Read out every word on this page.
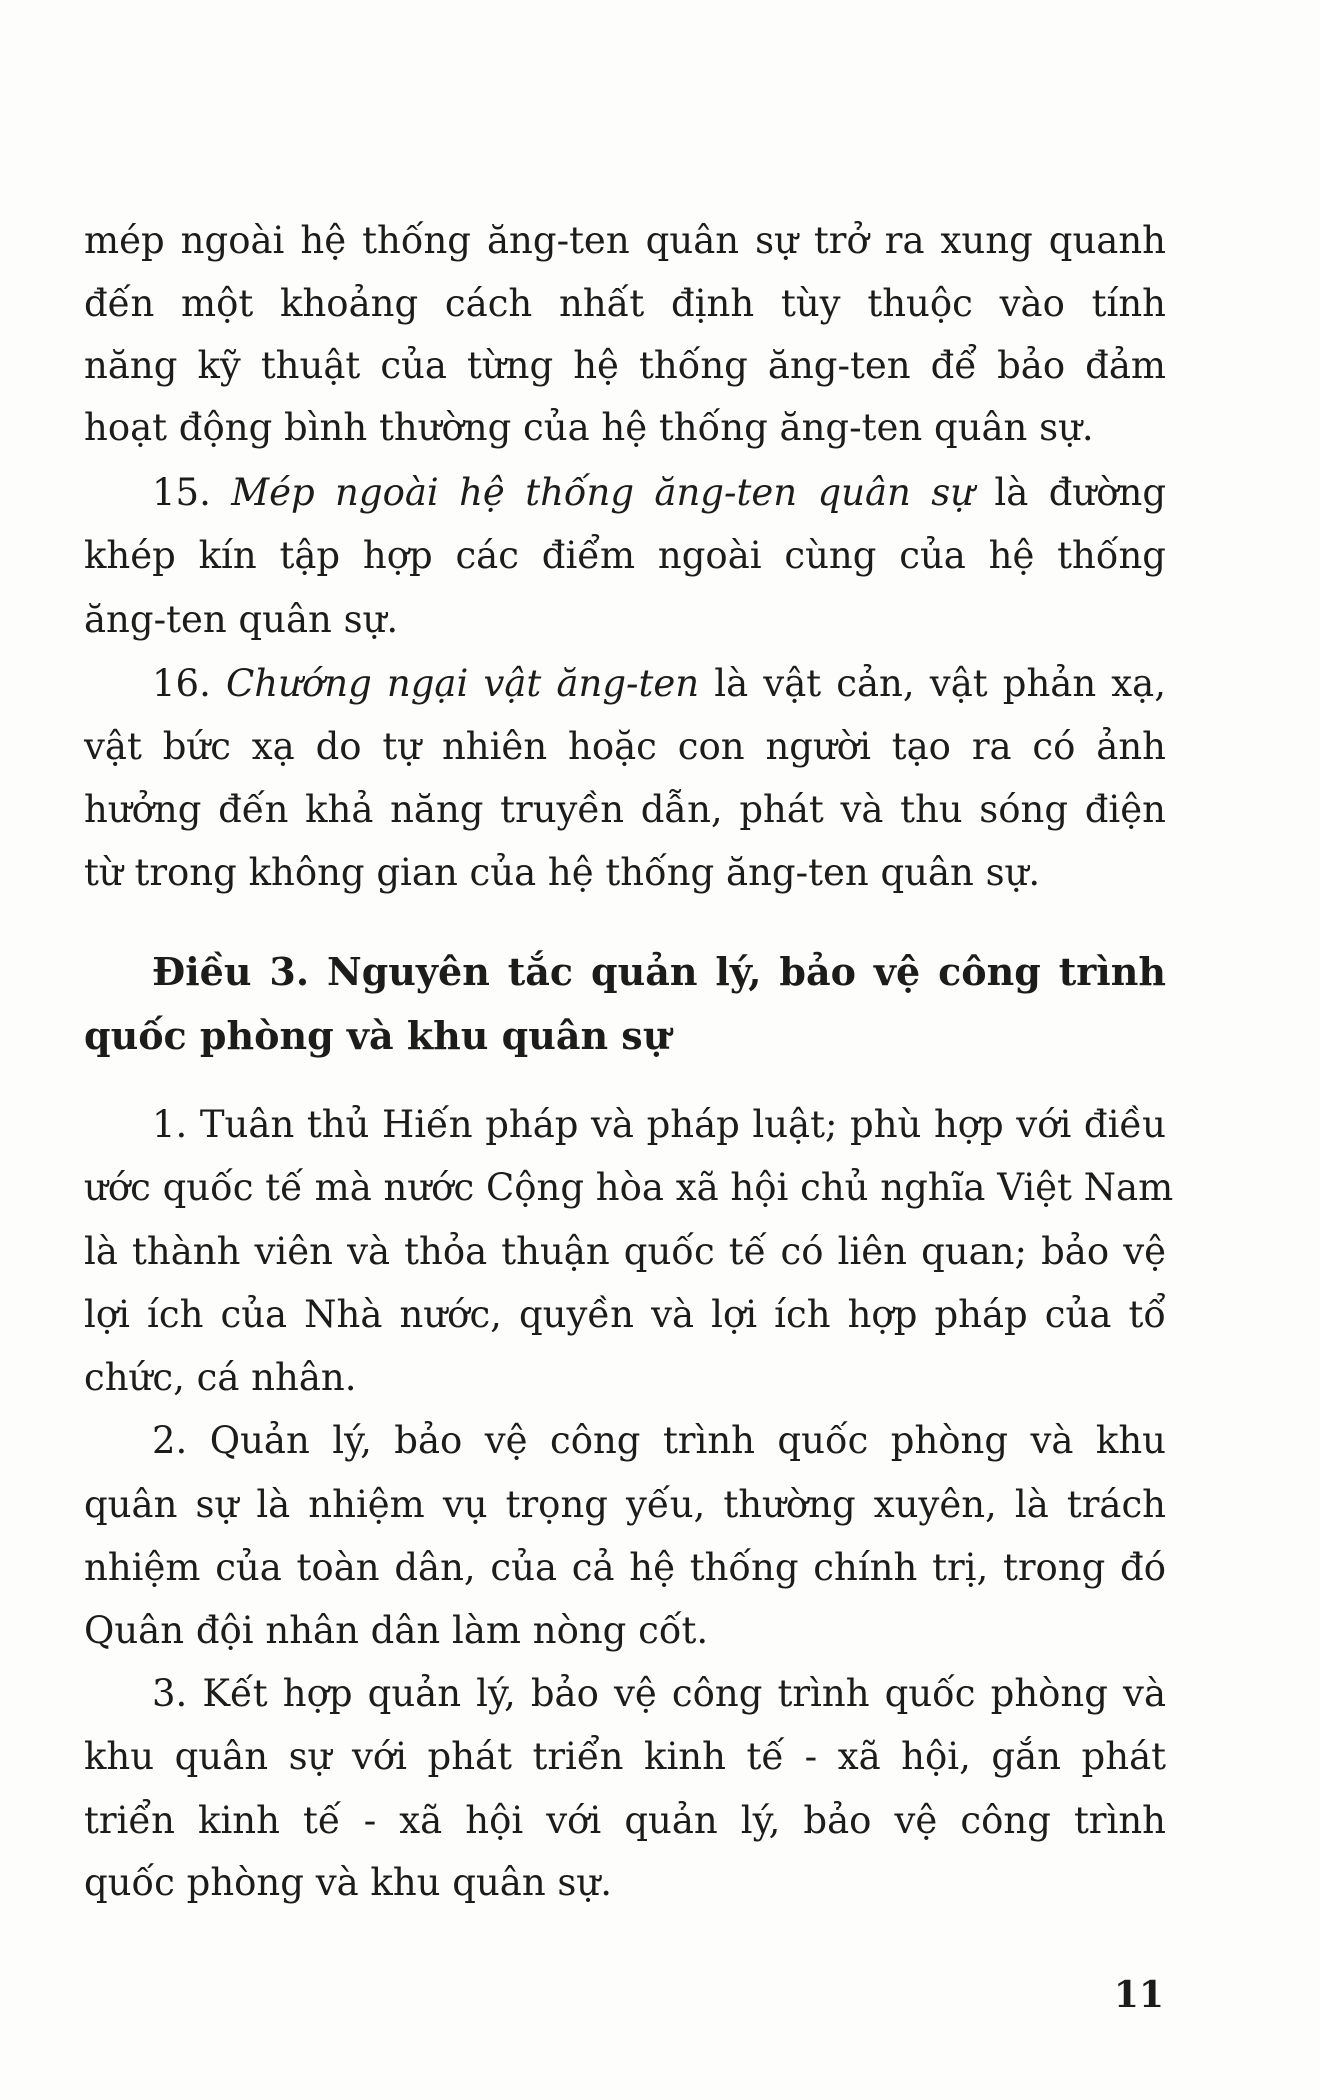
mép ngoài hệ thống ăng-ten quân sự trở ra xung quanh
đến một khoảng cách nhất định tùy thuộc vào tính
năng kỹ thuật của từng hệ thống ăng-ten để bảo đảm
hoạt động bình thường của hệ thống ăng-ten quân sự.
15. Mép ngoài hệ thống ăng-ten quân sự là đường
khép kín tập hợp các điểm ngoài cùng của hệ thống
ăng-ten quân sự.
16. Chướng ngại vật ăng-ten là vật cản, vật phản xạ,
vật bức xạ do tự nhiên hoặc con người tạo ra có ảnh
hưởng đến khả năng truyền dẫn, phát và thu sóng điện
từ trong không gian của hệ thống ăng-ten quân sự.
Điều 3. Nguyên tắc quản lý, bảo vệ công trình
quốc phòng và khu quân sự
1. Tuân thủ Hiến pháp và pháp luật; phù hợp với điều
ước quốc tế mà nước Cộng hòa xã hội chủ nghĩa Việt Nam
là thành viên và thỏa thuận quốc tế có liên quan; bảo vệ
lợi ích của Nhà nước, quyền và lợi ích hợp pháp của tổ
chức, cá nhân.
2. Quản lý, bảo vệ công trình quốc phòng và khu
quân sự là nhiệm vụ trọng yếu, thường xuyên, là trách
nhiệm của toàn dân, của cả hệ thống chính trị, trong đó
Quân đội nhân dân làm nòng cốt.
3. Kết hợp quản lý, bảo vệ công trình quốc phòng và
khu quân sự với phát triển kinh tế - xã hội, gắn phát
triển kinh tế - xã hội với quản lý, bảo vệ công trình
quốc phòng và khu quân sự.
11
